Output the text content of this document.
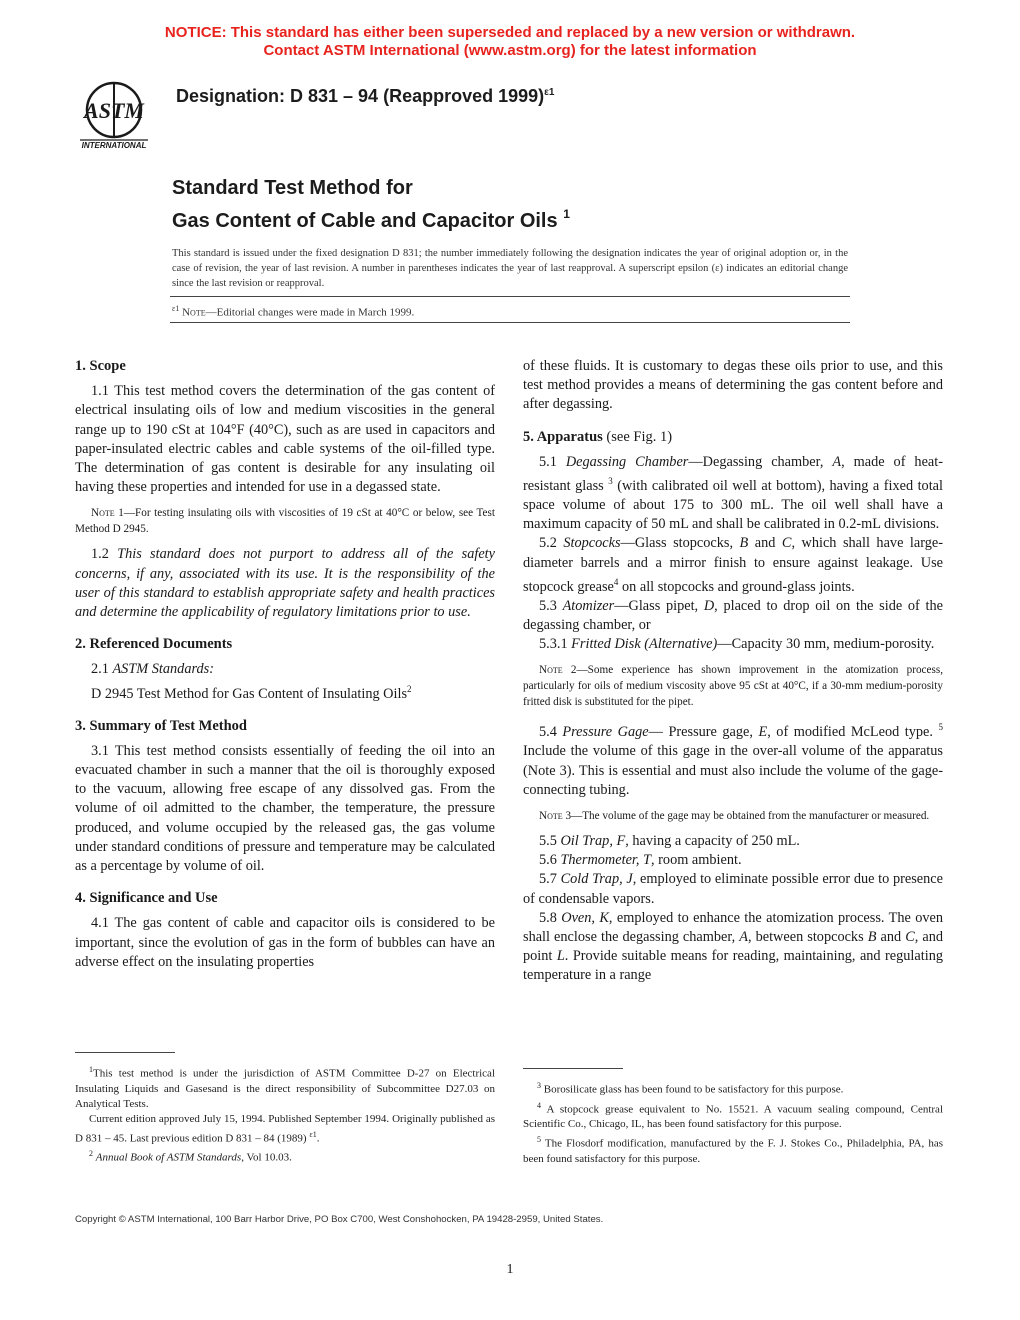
NOTICE: This standard has either been superseded and replaced by a new version or withdrawn.
Contact ASTM International (www.astm.org) for the latest information
ASTM
INTERNATIONAL
Designation: D 831 – 94 (Reapproved 1999)$^{\varepsilon 1}$
Standard Test Method for
Gas Content of Cable and Capacitor Oils $^1$
This standard is issued under the fixed designation D 831; the number immediately following the designation indicates the year of original adoption or, in the case of revision, the year of last revision. A number in parentheses indicates the year of last reapproval. A superscript epsilon (ε) indicates an editorial change since the last revision or reapproval.
$^{\varepsilon 1}$ Note—Editorial changes were made in March 1999.
1. Scope

1.1 This test method covers the determination of the gas content of electrical insulating oils of low and medium viscosities in the general range up to 190 cSt at 104°F (40°C), such as are used in capacitors and paper-insulated electric cables and cable systems of the oil-filled type. The determination of gas content is desirable for any insulating oil having these properties and intended for use in a degassed state.

Note 1—For testing insulating oils with viscosities of 19 cSt at 40°C or below, see Test Method D 2945.

1.2 This standard does not purport to address all of the safety concerns, if any, associated with its use. It is the responsibility of the user of this standard to establish appropriate safety and health practices and determine the applicability of regulatory limitations prior to use.

2. Referenced Documents

2.1 ASTM Standards:

D 2945 Test Method for Gas Content of Insulating Oils$^2$

3. Summary of Test Method

3.1 This test method consists essentially of feeding the oil into an evacuated chamber in such a manner that the oil is thoroughly exposed to the vacuum, allowing free escape of any dissolved gas. From the volume of oil admitted to the chamber, the temperature, the pressure produced, and volume occupied by the released gas, the gas volume under standard conditions of pressure and temperature may be calculated as a percentage by volume of oil.

4. Significance and Use

4.1 The gas content of cable and capacitor oils is considered to be important, since the evolution of gas in the form of bubbles can have an adverse effect on the insulating properties

of these fluids. It is customary to degas these oils prior to use, and this test method provides a means of determining the gas content before and after degassing.

5. Apparatus (see Fig. 1)

5.1 Degassing Chamber—Degassing chamber, A, made of heat-resistant glass $^3$ (with calibrated oil well at bottom), having a fixed total space volume of about 175 to 300 mL. The oil well shall have a maximum capacity of 50 mL and shall be calibrated in 0.2-mL divisions.

5.2 Stopcocks—Glass stopcocks, B and C, which shall have large-diameter barrels and a mirror finish to ensure against leakage. Use stopcock grease$^4$ on all stopcocks and ground-glass joints.

5.3 Atomizer—Glass pipet, D, placed to drop oil on the side of the degassing chamber, or

5.3.1 Fritted Disk (Alternative)—Capacity 30 mm, medium-porosity.

Note 2—Some experience has shown improvement in the atomization process, particularly for oils of medium viscosity above 95 cSt at 40°C, if a 30-mm medium-porosity fritted disk is substituted for the pipet.

5.4 Pressure Gage— Pressure gage, E, of modified McLeod type. $^5$ Include the volume of this gage in the over-all volume of the apparatus (Note 3). This is essential and must also include the volume of the gage-connecting tubing.

Note 3—The volume of the gage may be obtained from the manufacturer or measured.

5.5 Oil Trap, F, having a capacity of 250 mL.

5.6 Thermometer, T, room ambient.

5.7 Cold Trap, J, employed to eliminate possible error due to presence of condensable vapors.

5.8 Oven, K, employed to enhance the atomization process. The oven shall enclose the degassing chamber, A, between stopcocks B and C, and point L. Provide suitable means for reading, maintaining, and regulating temperature in a range

$^1$This test method is under the jurisdiction of ASTM Committee D-27 on Electrical Insulating Liquids and Gasesand is the direct responsibility of Subcommittee D27.03 on Analytical Tests.

Current edition approved July 15, 1994. Published September 1994. Originally published as D 831 – 45. Last previous edition D 831 – 84 (1989) $^{\varepsilon 1}$.

$^2$ Annual Book of ASTM Standards, Vol 10.03.

$^3$ Borosilicate glass has been found to be satisfactory for this purpose.

$^4$ A stopcock grease equivalent to No. 15521. A vacuum sealing compound, Central Scientific Co., Chicago, IL, has been found satisfactory for this purpose.

$^5$ The Flosdorf modification, manufactured by the F. J. Stokes Co., Philadelphia, PA, has been found satisfactory for this purpose.

Copyright © ASTM International, 100 Barr Harbor Drive, PO Box C700, West Conshohocken, PA 19428-2959, United States.
1
